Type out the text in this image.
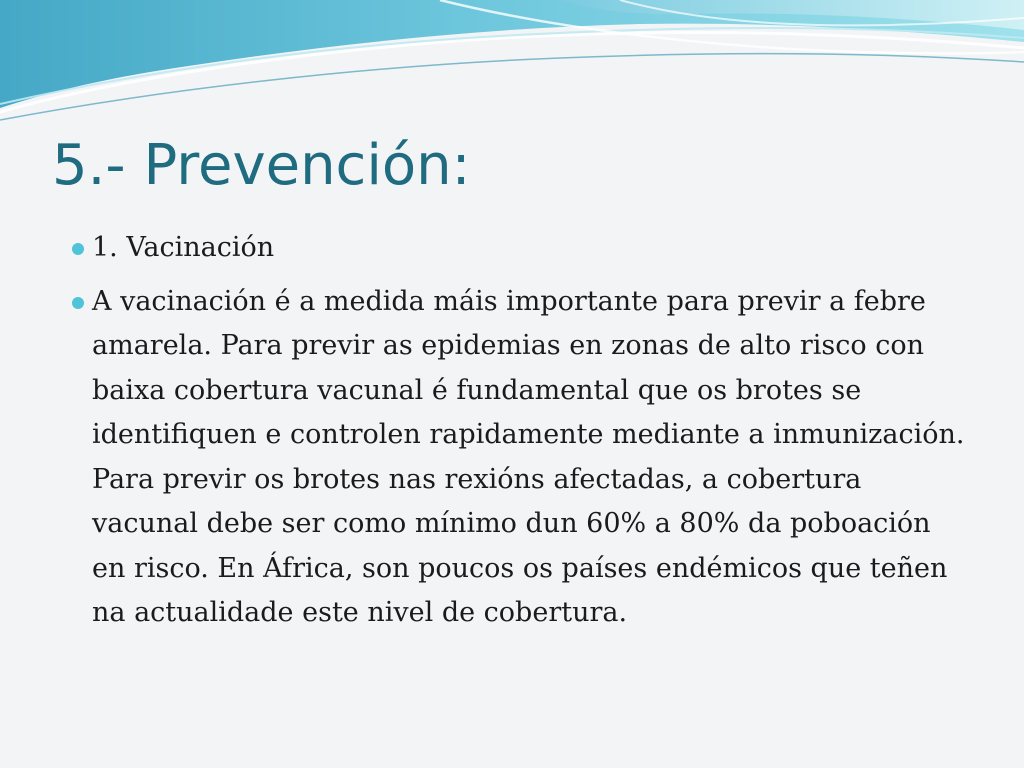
5.- Prevención:
1. Vacinación
A vacinación é a medida máis importante para previr a febre amarela. Para previr as epidemias en zonas de alto risco con baixa cobertura vacunal é fundamental que os brotes se identifiquen e controlen rapidamente mediante a inmunización. Para previr os brotes nas rexións afectadas, a cobertura vacunal debe ser como mínimo dun 60% a 80% da poboación en risco. En África, son poucos os países endémicos que teñen na actualidade este nivel de cobertura.
